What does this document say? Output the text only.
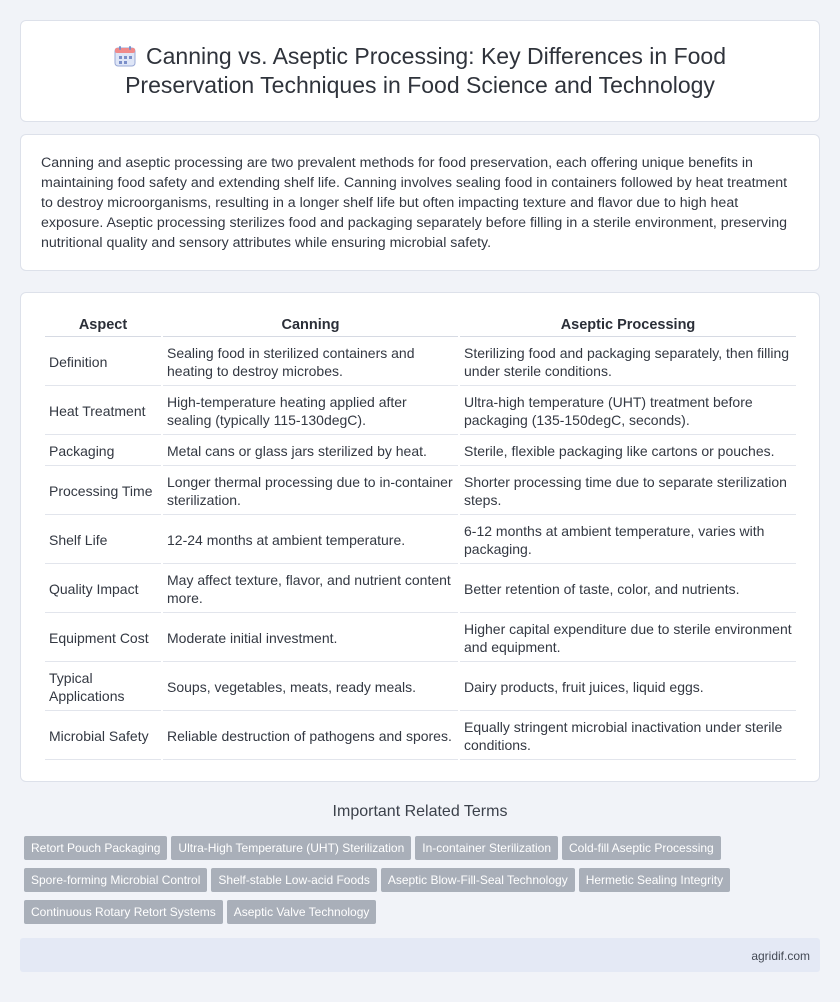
Canning vs. Aseptic Processing: Key Differences in Food Preservation Techniques in Food Science and Technology

Canning and aseptic processing are two prevalent methods for food preservation, each offering unique benefits in maintaining food safety and extending shelf life. Canning involves sealing food in containers followed by heat treatment to destroy microorganisms, resulting in a longer shelf life but often impacting texture and flavor due to high heat exposure. Aseptic processing sterilizes food and packaging separately before filling in a sterile environment, preserving nutritional quality and sensory attributes while ensuring microbial safety.

Aspect	Canning	Aseptic Processing
Definition	Sealing food in sterilized containers and heating to destroy microbes.	Sterilizing food and packaging separately, then filling under sterile conditions.
Heat Treatment	High-temperature heating applied after sealing (typically 115-130degC).	Ultra-high temperature (UHT) treatment before packaging (135-150degC, seconds).
Packaging	Metal cans or glass jars sterilized by heat.	Sterile, flexible packaging like cartons or pouches.
Processing Time	Longer thermal processing due to in-container sterilization.	Shorter processing time due to separate sterilization steps.
Shelf Life	12-24 months at ambient temperature.	6-12 months at ambient temperature, varies with packaging.
Quality Impact	May affect texture, flavor, and nutrient content more.	Better retention of taste, color, and nutrients.
Equipment Cost	Moderate initial investment.	Higher capital expenditure due to sterile environment and equipment.
Typical Applications	Soups, vegetables, meats, ready meals.	Dairy products, fruit juices, liquid eggs.
Microbial Safety	Reliable destruction of pathogens and spores.	Equally stringent microbial inactivation under sterile conditions.
Important Related Terms
Retort Pouch Packaging Ultra-High Temperature (UHT) Sterilization In-container Sterilization Cold-fill Aseptic Processing
Spore-forming Microbial Control Shelf-stable Low-acid Foods Aseptic Blow-Fill-Seal Technology Hermetic Sealing Integrity
Continuous Rotary Retort Systems Aseptic Valve Technology
agridif.com
